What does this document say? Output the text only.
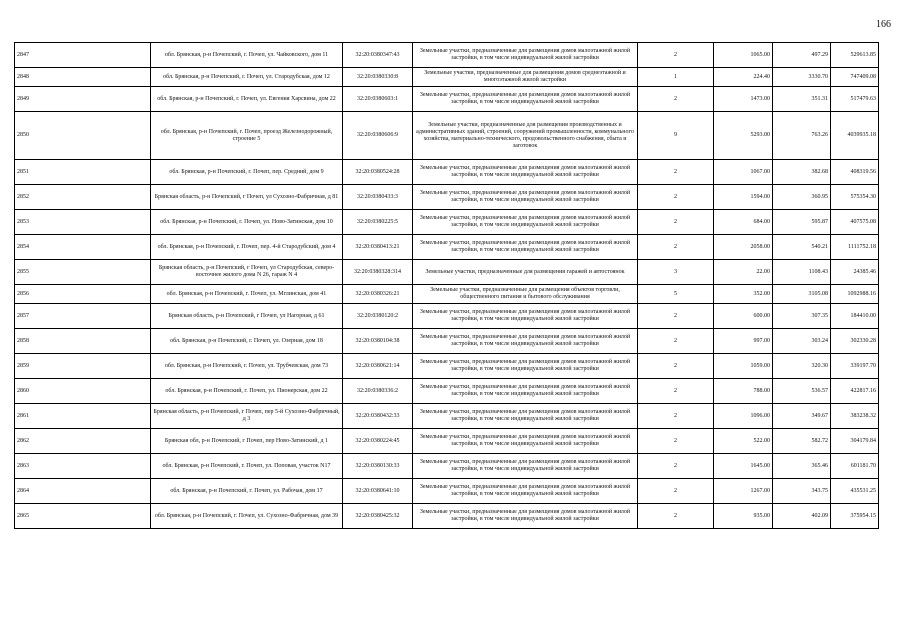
166
2847	обл. Брянская, р-н Почепский, г. Почеп, ул. Чайковского, дом 11	32:20:0380347:43	Земельные участки, предназначенные для размещения домов малоэтажной жилой застройки, в том числе индивидуальной жилой застройки	2	1065.00	497.29	529613.85
2848	обл. Брянская, р-н Почепский, г. Почеп, ул. Стародубская, дом 12	32:20:0380330:8	Земельные участки, предназначенные для размещения домов среднеэтажной и многоэтажной жилой застройки	1	224.40	3330.70	747409.08
2849	обл. Брянская, р-н Почепский, г. Почеп, ул. Евгения Харсвина, дом 22	32:20:0380603:1	Земельные участки, предназначенные для размещения домов малоэтажной жилой застройки, в том числе индивидуальной жилой застройки	2	1473.00	351.31	517479.63
2850	обл. Брянская, р-н Почепский, г. Почеп, проезд Железнодорожный, строение 5	32:20:0380606:9	Земельные участки, предназначенные для размещения производственных и административных зданий, строений, сооружений промышленности, коммунального хозяйства, материально-технического, продовольственного снабжения, сбыта и заготовок	9	5293.00	763.26	4039935.18
2851	обл. Брянская, р-н Почепский, г. Почеп, пер. Средний, дом 9	32:20:0380524:28	Земельные участки, предназначенные для размещения домов малоэтажной жилой застройки, в том числе индивидуальной жилой застройки	2	1067.00	382.68	408319.56
2852	Брянская область, р-н Почепский, г Почеп, ул Сухозно-Фабричная, д 81	32:20:0380433:3	Земельные участки, предназначенные для размещения домов малоэтажной жилой застройки, в том числе индивидуальной жилой застройки	2	1594.00	360.95	575354.30
2853	обл. Брянская, р-н Почепский, г. Почеп, ул. Ново-Затинская, дом 10	32:20:0380225:5	Земельные участки, предназначенные для размещения домов малоэтажной жилой застройки, в том числе индивидуальной жилой застройки	2	684.00	595.87	407575.08
2854	обл. Брянская, р-н Почепский, г. Почеп, пер. 4-й Стародубский, дом 4	32:20:0380413:21	Земельные участки, предназначенные для размещения домов малоэтажной жилой застройки, в том числе индивидуальной жилой застройки	2	2058.00	540.21	1111752.18
2855	Брянская область, р-н Почепский, г Почеп, ул Стародубская, северо-восточнее жилого дома N 26, гараж N 4	32:20:0380328:314	Земельные участки, предназначенные для размещения гаражей и автостоянок	3	22.00	1108.43	24385.46
2856	обл. Брянская, р-н Почепский, г. Почеп, ул. Мглинская, дом 41	32:20:0380326:21	Земельные участки, предназначенные для размещения объектов торговли, общественного питания и бытового обслуживания	5	352.00	3105.08	1092988.16
2857	Брянская область, р-н Почепский, г Почеп, ул Нагорная, д 61	32:20:0380120:2	Земельные участки, предназначенные для размещения домов малоэтажной жилой застройки, в том числе индивидуальной жилой застройки	2	600.00	307.35	184410.00
2858	обл. Брянская, р-н Почепский, г. Почеп, ул. Озерная, дом 18	32:20:0380104:38	Земельные участки, предназначенные для размещения домов малоэтажной жилой застройки, в том числе индивидуальной жилой застройки	2	997.00	303.24	302330.28
2859	обл. Брянская, р-н Почепский, г. Почеп, ул. Трубчевская, дом 73	32:20:0380621:14	Земельные участки, предназначенные для размещения домов малоэтажной жилой застройки, в том числе индивидуальной жилой застройки	2	1059.00	320.30	339197.70
2860	обл. Брянская, р-н Почепский, г. Почеп, ул. Пионерская, дом 22	32:20:0380336:2	Земельные участки, предназначенные для размещения домов малоэтажной жилой застройки, в том числе индивидуальной жилой застройки	2	788.00	536.57	422817.16
2861	Брянская область, р-н Почепский, г Почеп, пер 5-й Сухозно-Фабричный, д 3	32:20:0380432:33	Земельные участки, предназначенные для размещения домов малоэтажной жилой застройки, в том числе индивидуальной жилой застройки	2	1096.00	349.67	383238.32
2862	Брянская обл, р-н Почепский, г Почеп, пер Ново-Затинский, д 1	32:20:0380224:45	Земельные участки, предназначенные для размещения домов малоэтажной жилой застройки, в том числе индивидуальной жилой застройки	2	522.00	582.72	304179.84
2863	обл. Брянская, р-н Почепский, г. Почеп, ул. Поповая, участок N17	32:20:0380130:33	Земельные участки, предназначенные для размещения домов малоэтажной жилой застройки, в том числе индивидуальной жилой застройки	2	1645.00	365.46	601181.70
2864	обл. Брянская, р-н Почепский, г. Почеп, ул. Рабочая, дом 17	32:20:0380641:10	Земельные участки, предназначенные для размещения домов малоэтажной жилой застройки, в том числе индивидуальной жилой застройки	2	1267.00	343.75	435531.25
2865	обл. Брянская, р-н Почепский, г. Почеп, ул. Сухозно-Фабричная, дом 39	32:20:0380425:32	Земельные участки, предназначенные для размещения домов малоэтажной жилой застройки, в том числе индивидуальной жилой застройки	2	935.00	402.09	375954.15
